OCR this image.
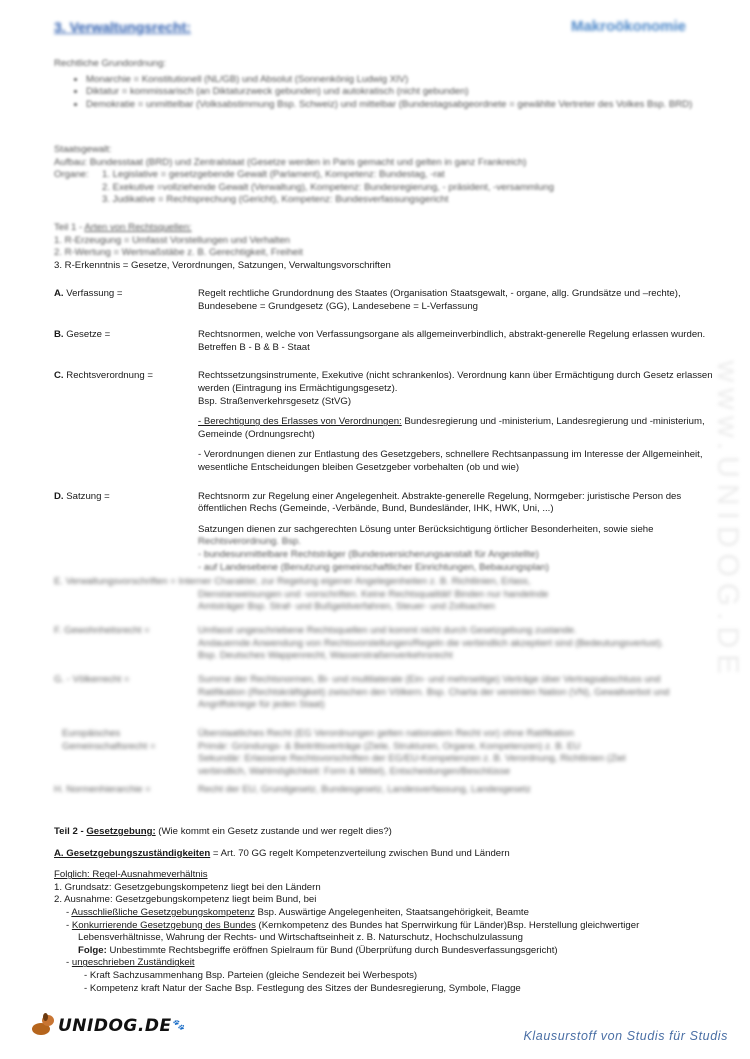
3. Verwaltungsrecht:	Makroökonomie
Rechtliche Grundordnung:
• Monarchie = Konstitutionell (NL/GB) und Absolut (Sonnenkönig Ludwig XIV)
• Diktatur = kommissarisch (an Diktaturzweck gebunden) und autokratisch (nicht gebunden)
• Demokratie = unmittelbar (Volksabstimmung Bsp. Schweiz) und mittelbar (Bundestagsabgeordnete = gewählte Vertreter des Volkes Bsp. BRD)
Staatsgewalt:
Aufbau: Bundesstaat (BRD) und Zentralstaat (Gesetze werden in Paris gemacht und gelten in ganz Frankreich)
Organe:	1. Legislative = gesetzgebende Gewalt (Parlament), Kompetenz: Bundestag, -rat
2. Exekutive =vollziehende Gewalt (Verwaltung), Kompetenz: Bundesregierung, - präsident, -versammlung
3. Judikative = Rechtsprechung (Gericht), Kompetenz: Bundesverfassungsgericht
Teil 1 - Arten von Rechtsquellen:
1. R-Erzeugung = Umfasst Vorstellungen und Verhalten
2. R-Wertung = Wertmaßstäbe z. B. Gerechtigkeit, Freiheit
3. R-Erkenntnis = Gesetze, Verordnungen, Satzungen, Verwaltungsvorschriften
A. Verfassung =	Regelt rechtliche Grundordnung des Staates (Organisation Staatsgewalt, - organe, allg. Grundsätze und –rechte), Bundesebene = Grundgesetz (GG), Landesebene = L-Verfassung

B. Gesetze =	Rechtsnormen, welche von Verfassungsorgane als allgemeinverbindlich, abstrakt-generelle Regelung erlassen wurden. Betreffen B - B & B - Staat

C. Rechtsverordnung =	Rechtssetzungsinstrumente, Exekutive (nicht schrankenlos). Verordnung kann über Ermächtigung durch Gesetz erlassen werden (Eintragung ins Ermächtigungsgesetz).
Bsp. Straßenverkehrsgesetz (StVG)

- Berechtigung des Erlasses von Verordnungen: Bundesregierung und -ministerium, Landesregierung und -ministerium, Gemeinde (Ordnungsrecht)

- Verordnungen dienen zur Entlastung des Gesetzgebers, schnellere Rechtsanpassung im Interesse der Allgemeinheit, wesentliche Entscheidungen bleiben Gesetzgeber vorbehalten (ob und wie)

D. Satzung =	Rechtsnorm zur Regelung einer Angelegenheit. Abstrakte-generelle Regelung, Normgeber: juristische Person des öffentlichen Rechs (Gemeinde, -Verbände, Bund, Bundesländer, IHK, HWK, Uni, ...)

Satzungen dienen zur sachgerechten Lösung unter Berücksichtigung örtlicher Besonderheiten, sowie siehe

Rechtsverordnung. Bsp.
- bundesunmittelbare Rechtsträger (Bundesversicherungsanstalt für Angestellte)
- auf Landesebene (Benutzung gemeinschaftlicher Einrichtungen, Bebauungsplan)
E. Verwaltungsvorschriften = Interner Charakter, zur Regelung eigener Angelegenheiten z. B. Richtlinien, Erlass,
Dienstanweisungen und -vorschriften. Keine Rechtsqualität! Binden nur handelnde
Amtsträger Bsp. Straf- und Bußgeldverfahren, Steuer- und Zollsachen
F. Gewohnheitsrecht =	Umfasst ungeschriebene Rechtsquellen und kommt nicht durch Gesetzgebung zustande.
Andauernde Anwendung von Rechtsvorstellungen/Regeln die verbindlich akzeptiert sind (Bedeutungsverlust).
Bsp. Deutsches Wappenrecht, Wasserstraßenverkehrsrecht
G. - Völkerrecht =	Summe der Rechtsnormen, Bi- und multilaterale (Ein- und mehrseitige) Verträge über Vertragsabschluss und
Ratifikation (Rechtskräftigkeit) zwischen den Völkern. Bsp. Charta der vereinten Nation (VN), Gewaltverbot und
Angriffskriege für jeden Staat)
Europäisches Gemeinschaftsrecht =
Überstaatliches Recht (EG Verordnungen gelten nationalem Recht vor) ohne Ratifikation
Primär: Gründungs- & Beitrittsverträge (Ziele, Strukturen, Organe, Kompetenzen) z. B. EU
Sekundär: Erlassene Rechtsvorschriften der EG/EU-Kompetenzen z. B. Verordnung, Richtlinien (Ziel
verbindlich, Wahlmöglichkeit: Form & Mittel), Entscheidungen/Beschlüsse
H. Normenhierarchie =	Recht der EU, Grundgesetz, Bundesgesetz, Landesverfassung, Landesgesetz
www.UNIDOG.DE
Teil 2 - Gesetzgebung: (Wie kommt ein Gesetz zustande und wer regelt dies?)
A. Gesetzgebungszuständigkeiten = Art. 70 GG regelt Kompetenzverteilung zwischen Bund und Ländern
Folglich: Regel-Ausnahmeverhältnis
1. Grundsatz: Gesetzgebungskompetenz liegt bei den Ländern
2. Ausnahme: Gesetzgebungskompetenz liegt beim Bund, bei
- Ausschließliche Gesetzgebungskompetenz Bsp. Auswärtige Angelegenheiten, Staatsangehörigkeit, Beamte
- Konkurrierende Gesetzgebung des Bundes (Kernkompetenz des Bundes hat Sperrwirkung für Länder)Bsp. Herstellung gleichwertiger
Lebensverhältnisse, Wahrung der Rechts- und Wirtschaftseinheit z. B. Naturschutz, Hochschulzulassung
Folge: Unbestimmte Rechtsbegriffe eröffnen Spielraum für Bund (Überprüfung durch Bundesverfassungsgericht)
- ungeschrieben Zuständigkeit
- Kraft Sachzusammenhang Bsp. Parteien (gleiche Sendezeit bei Werbespots)
- Kompetenz kraft Natur der Sache Bsp. Festlegung des Sitzes der Bundesregierung, Symbole, Flagge
UNIDOG.DE 🐾
Klausurstoff von Studis für Studis
